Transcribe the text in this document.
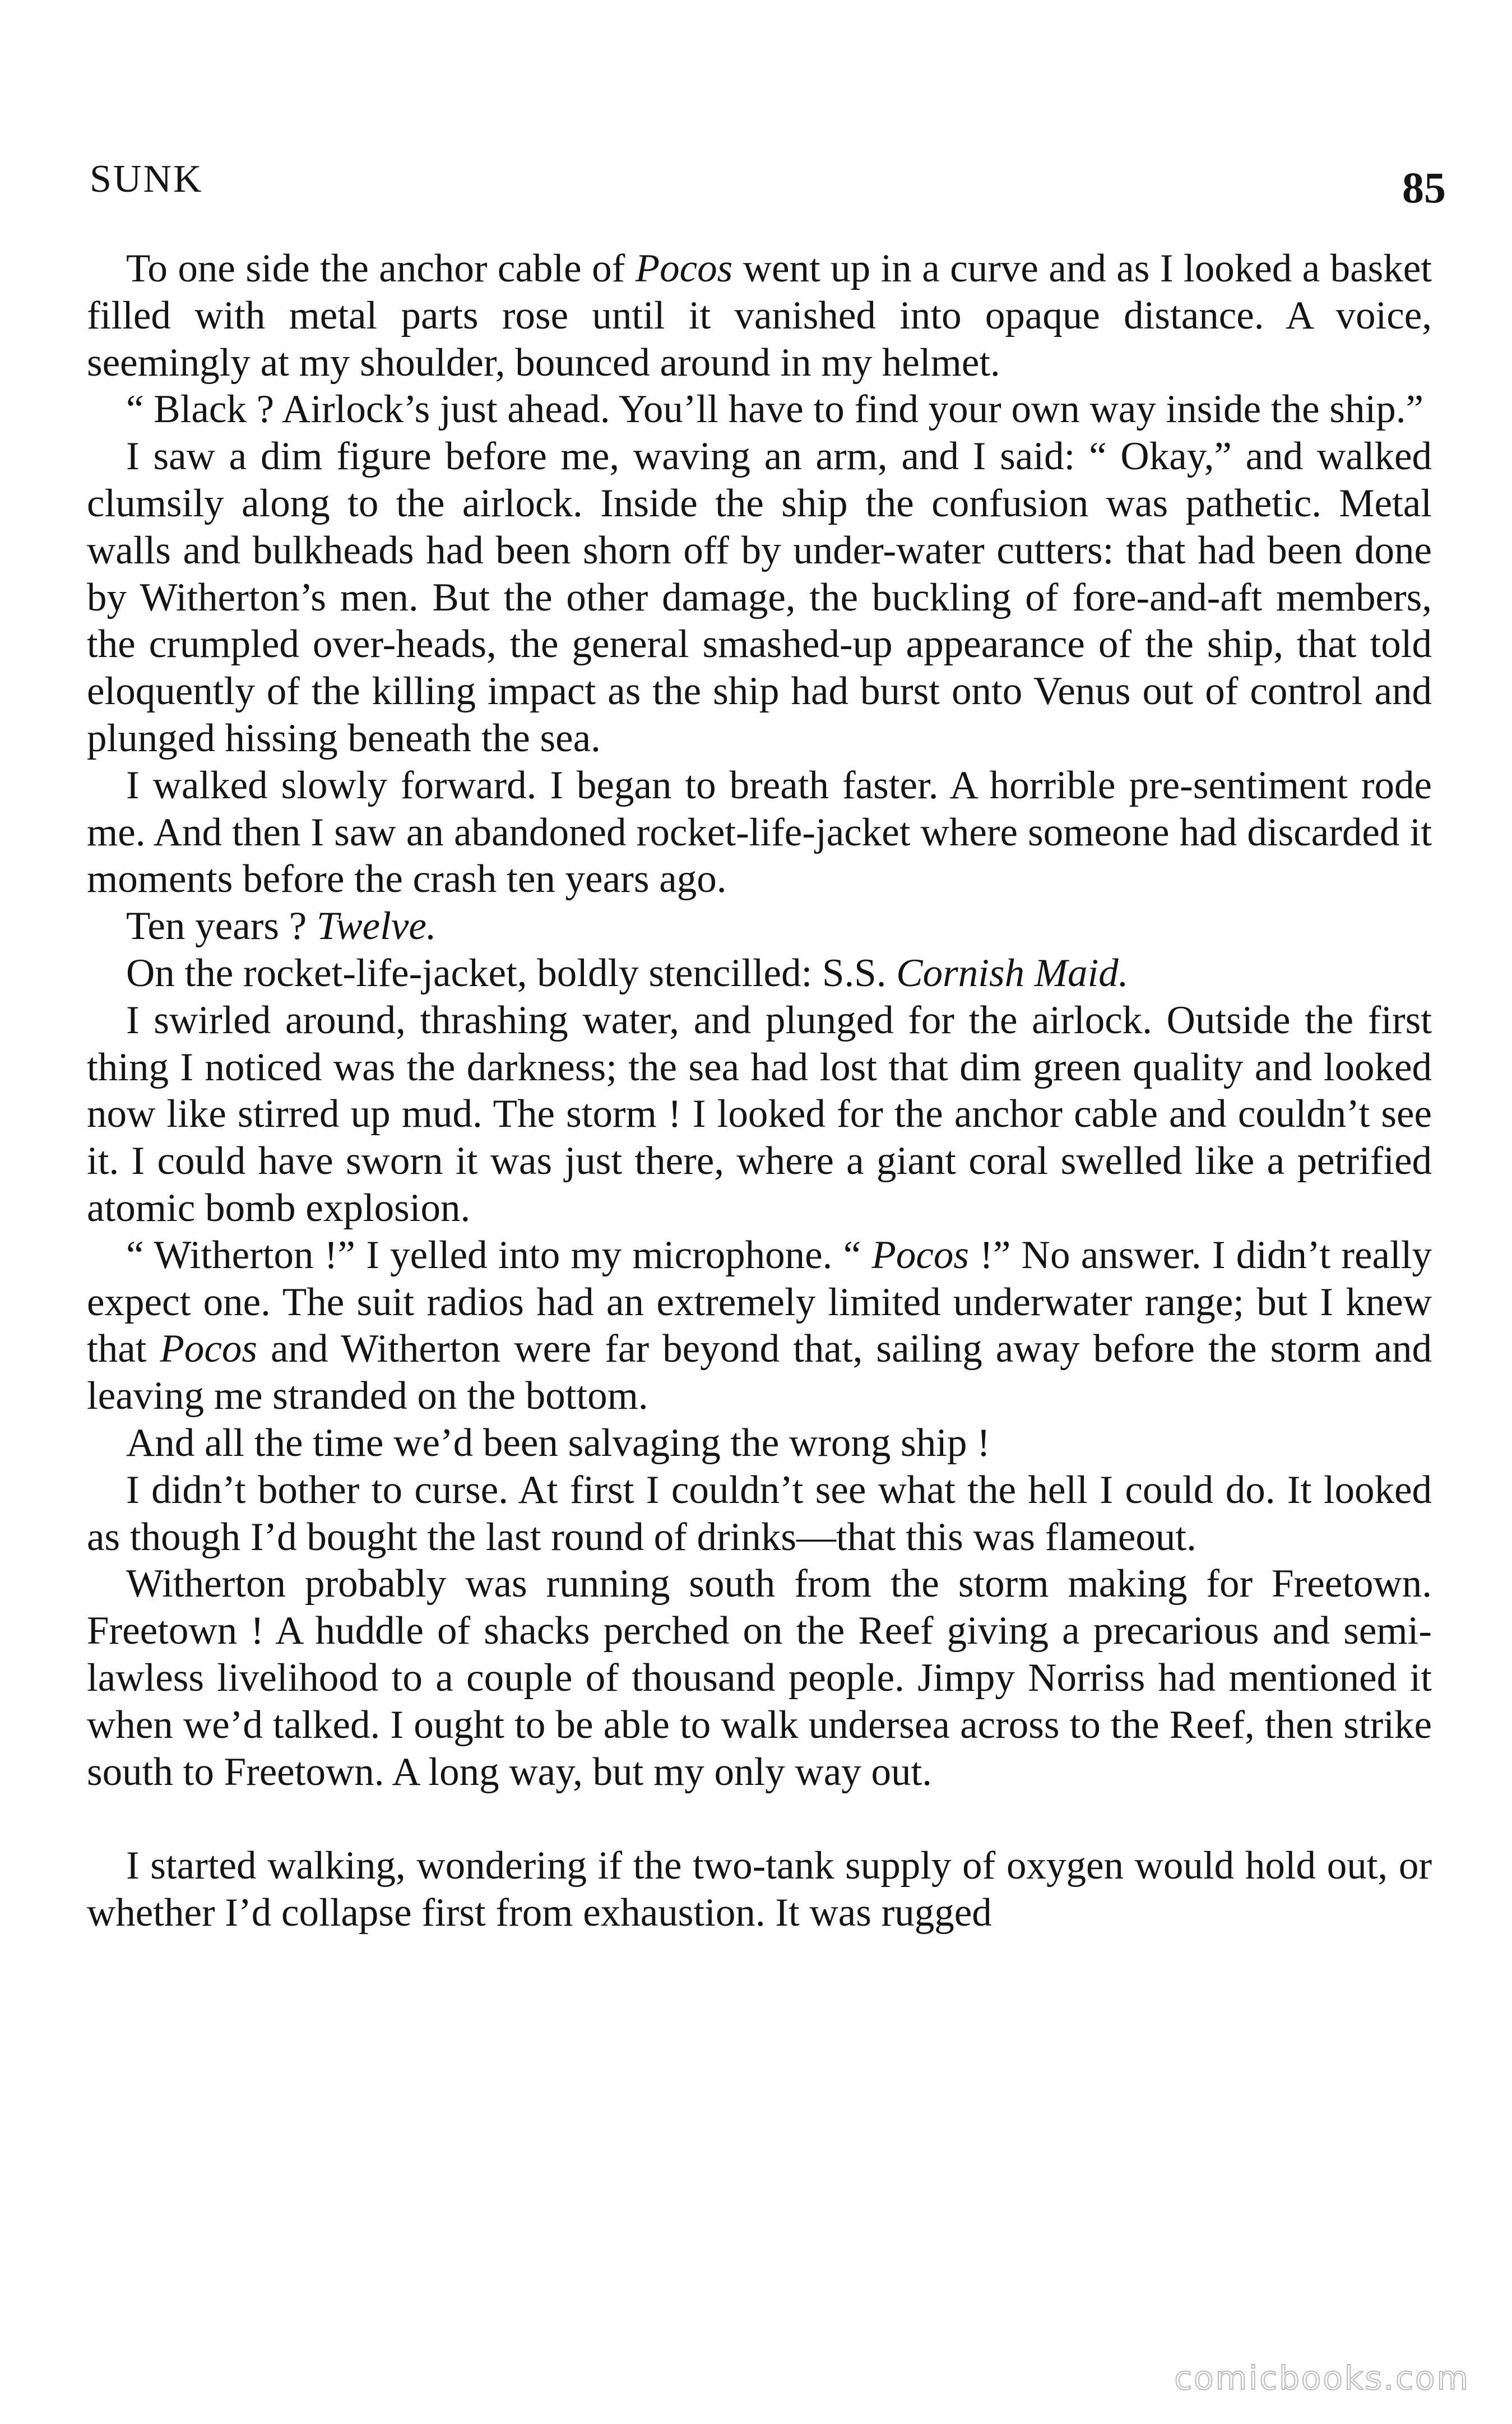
SUNK	85

To one side the anchor cable of Pocos went up in a curve and as I looked a basket filled with metal parts rose until it vanished into opaque distance. A voice, seemingly at my shoulder, bounced around in my helmet.

“ Black ? Airlock’s just ahead. You’ll have to find your own way inside the ship.”

I saw a dim figure before me, waving an arm, and I said: “ Okay,” and walked clumsily along to the airlock. Inside the ship the confusion was pathetic. Metal walls and bulkheads had been shorn off by under-water cutters: that had been done by Witherton’s men. But the other damage, the buckling of fore-and-aft members, the crumpled over-heads, the general smashed-up appearance of the ship, that told eloquently of the killing impact as the ship had burst onto Venus out of control and plunged hissing beneath the sea.

I walked slowly forward. I began to breath faster. A horrible pre-sentiment rode me. And then I saw an abandoned rocket-life-jacket where someone had discarded it moments before the crash ten years ago.

Ten years ? Twelve.

On the rocket-life-jacket, boldly stencilled: S.S. Cornish Maid.

I swirled around, thrashing water, and plunged for the airlock. Outside the first thing I noticed was the darkness; the sea had lost that dim green quality and looked now like stirred up mud. The storm ! I looked for the anchor cable and couldn’t see it. I could have sworn it was just there, where a giant coral swelled like a petrified atomic bomb explosion.

“ Witherton !” I yelled into my microphone. “ Pocos !” No answer. I didn’t really expect one. The suit radios had an extremely limited underwater range; but I knew that Pocos and Witherton were far beyond that, sailing away before the storm and leaving me stranded on the bottom.

And all the time we’d been salvaging the wrong ship !

I didn’t bother to curse. At first I couldn’t see what the hell I could do. It looked as though I’d bought the last round of drinks—that this was flameout.

Witherton probably was running south from the storm making for Freetown. Freetown ! A huddle of shacks perched on the Reef giving a precarious and semi-lawless livelihood to a couple of thousand people. Jimpy Norriss had mentioned it when we’d talked. I ought to be able to walk undersea across to the Reef, then strike south to Freetown. A long way, but my only way out.

I started walking, wondering if the two-tank supply of oxygen would hold out, or whether I’d collapse first from exhaustion. It was rugged

comicbooks.com
